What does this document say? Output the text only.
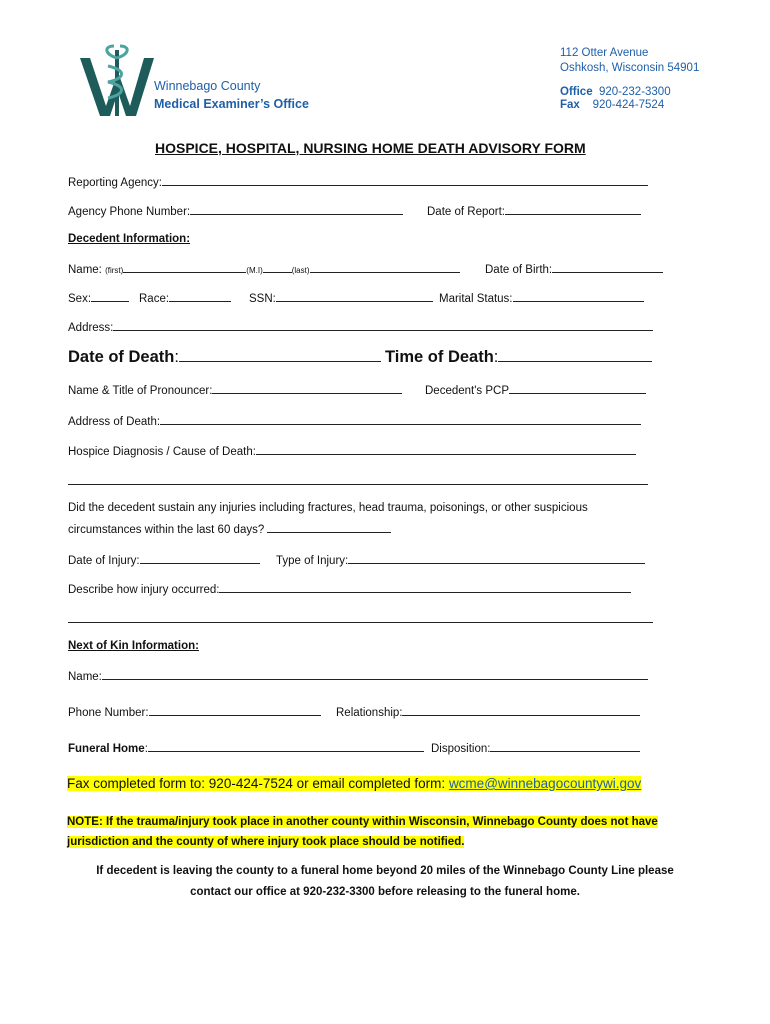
Winnebago County
Medical Examiner’s Office
112 Otter Avenue
Oshkosh, Wisconsin 54901
Office 920-232-3300
Fax 920-424-7524
HOSPICE, HOSPITAL, NURSING HOME DEATH ADVISORY FORM
Reporting Agency:
Agency Phone Number:	Date of Report:
Decedent Information:
Name: (first)	(M.I)	(last)	Date of Birth:
Sex:	Race:	SSN:	Marital Status:
Address:
Date of Death:	Time of Death:
Name & Title of Pronouncer:	Decedent's PCP
Address of Death:
Hospice Diagnosis / Cause of Death:
Did the decedent sustain any injuries including fractures, head trauma, poisonings, or other suspicious
circumstances within the last 60 days?
Date of Injury:	Type of Injury:
Describe how injury occurred:
Next of Kin Information:
Name:
Phone Number:	Relationship:
Funeral Home:	Disposition:
Fax completed form to: 920-424-7524 or email completed form: wcme@winnebagocountywi.gov
NOTE: If the trauma/injury took place in another county within Wisconsin, Winnebago County does not have
jurisdiction and the county of where injury took place should be notified.
If decedent is leaving the county to a funeral home beyond 20 miles of the Winnebago County Line please
contact our office at 920-232-3300 before releasing to the funeral home.
